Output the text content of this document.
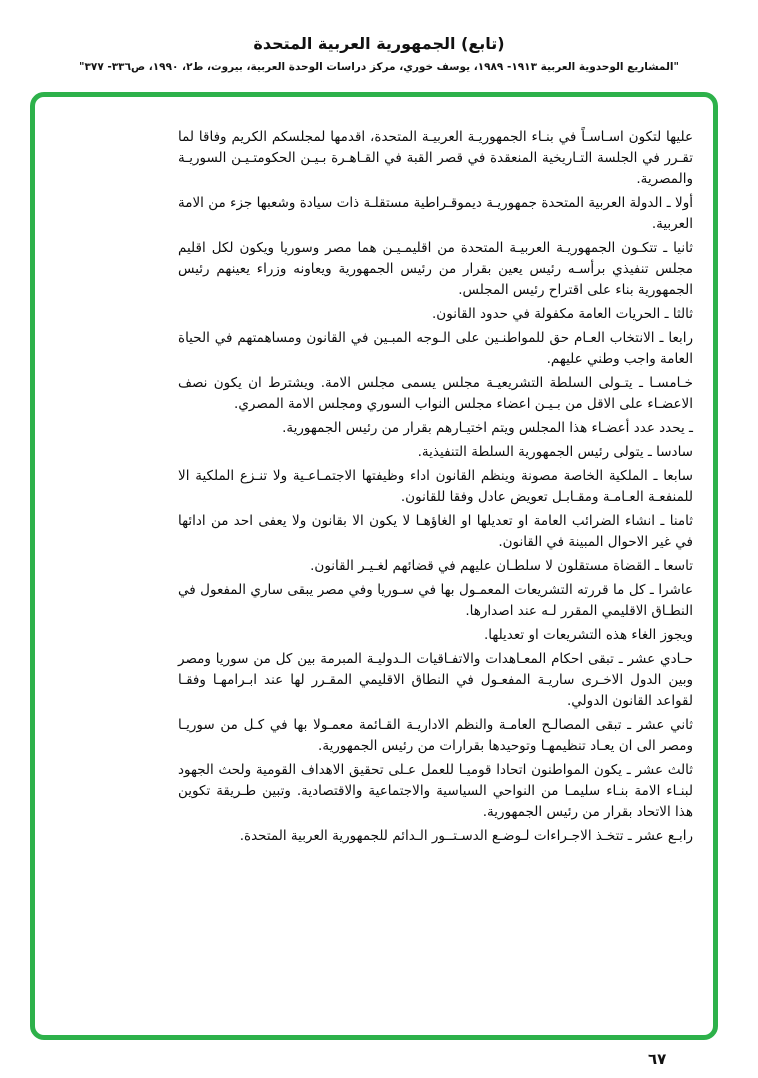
(تابع) الجمهورية العربية المتحدة
"المشاريع الوحدوية العربية ١٩١٣- ١٩٨٩، يوسف خوري، مركز دراسات الوحدة العربية، بيروت، ط٢، ١٩٩٠، ص٣٣٦- ٣٧٧"

عليها لتكون اسـاسـاً في بنـاء الجمهوريـة العربيـة المتحدة، اقدمها لمجلسكم الكريم وفاقا لما تقـرر في الجلسة التـاريخية المنعقدة في قصر القبة في القـاهـرة بـيـن الحكومتـيـن السوريـة والمصرية.

أولا ـ الدولة العربية المتحدة جمهوريـة ديموقـراطية مستقلـة ذات سيادة وشعبها جزء من الامة العربية.

ثانيا ـ تتكـون الجمهوريـة العربيـة المتحدة من اقليمـيـن هما مصر وسوريا ويكون لكل اقليم مجلس تنفيذي برأسـه رئيس يعين بقرار من رئيس الجمهورية ويعاونه وزراء يعينهم رئيس الجمهورية بناء على اقتراح رئيس المجلس.

ثالثا ـ الحريات العامة مكفولة في حدود القانون.

رابعا ـ الانتخاب العـام حق للمواطنـين على الـوجه المبـين في القانون ومساهمتهم في الحياة العامة واجب وطني عليهم.

خـامسـا ـ يتـولى السلطة التشريعيـة مجلس يسمى مجلس الامة. ويشترط ان يكون نصف الاعضـاء على الاقل من بـيـن اعضاء مجلس النواب السوري ومجلس الامة المصري.

ـ يحدد عدد أعضـاء هذا المجلس ويتم اختيـارهم بقرار من رئيس الجمهورية.

سادسا ـ يتولى رئيس الجمهورية السلطة التنفيذية.

سابعا ـ الملكية الخاصة مصونة وينظم القانون اداء وظيفتها الاجتمـاعـية ولا تنـزع الملكية الا للمنفعـة العـامـة ومقـابـل تعويض عادل وفقا للقانون.

ثامنا ـ انشاء الضرائب العامة او تعديلها او الغاؤهـا لا يكون الا بقانون ولا يعفى احد من ادائها في غير الاحوال المبينة في القانون.

تاسعا ـ القضاة مستقلون لا سلطـان عليهم في قضائهم لغـيـر القانون.

عاشرا ـ كل ما قررته التشريعات المعمـول بها في سـوريا وفي مصر يبقى ساري المفعول في النطـاق الاقليمي المقرر لـه عند اصدارها.

ويجوز الغاء هذه التشريعات او تعديلها.

حـادي عشر ـ تبقى احكام المعـاهدات والاتفـاقيات الـدوليـة المبرمة بين كل من سوريا ومصر وبين الدول الاخـرى ساريـة المفعـول في النطاق الاقليمي المقـرر لها عند ابـرامهـا وفقـا لقواعد القانون الدولي.

ثاني عشر ـ تبقى المصالـح العامـة والنظم الاداريـة القـائمة معمـولا بها في كـل من سوريـا ومصر الى ان يعـاد تنظيمهـا وتوحيدها بقرارات من رئيس الجمهورية.

ثالث عشر ـ يكون المواطنون اتحادا قوميـا للعمل عـلى تحقيق الاهداف القومية ولحث الجهود لبنـاء الامة بنـاء سليمـا من النواحي السياسية والاجتماعية والاقتصادية. وتبين طـريقة تكوين هذا الاتحاد بقرار من رئيس الجمهورية.

رابـع عشر ـ تتخـذ الاجـراءات لـوضـع الدسـتــور الـدائم للجمهورية العربية المتحدة.

٦٧
